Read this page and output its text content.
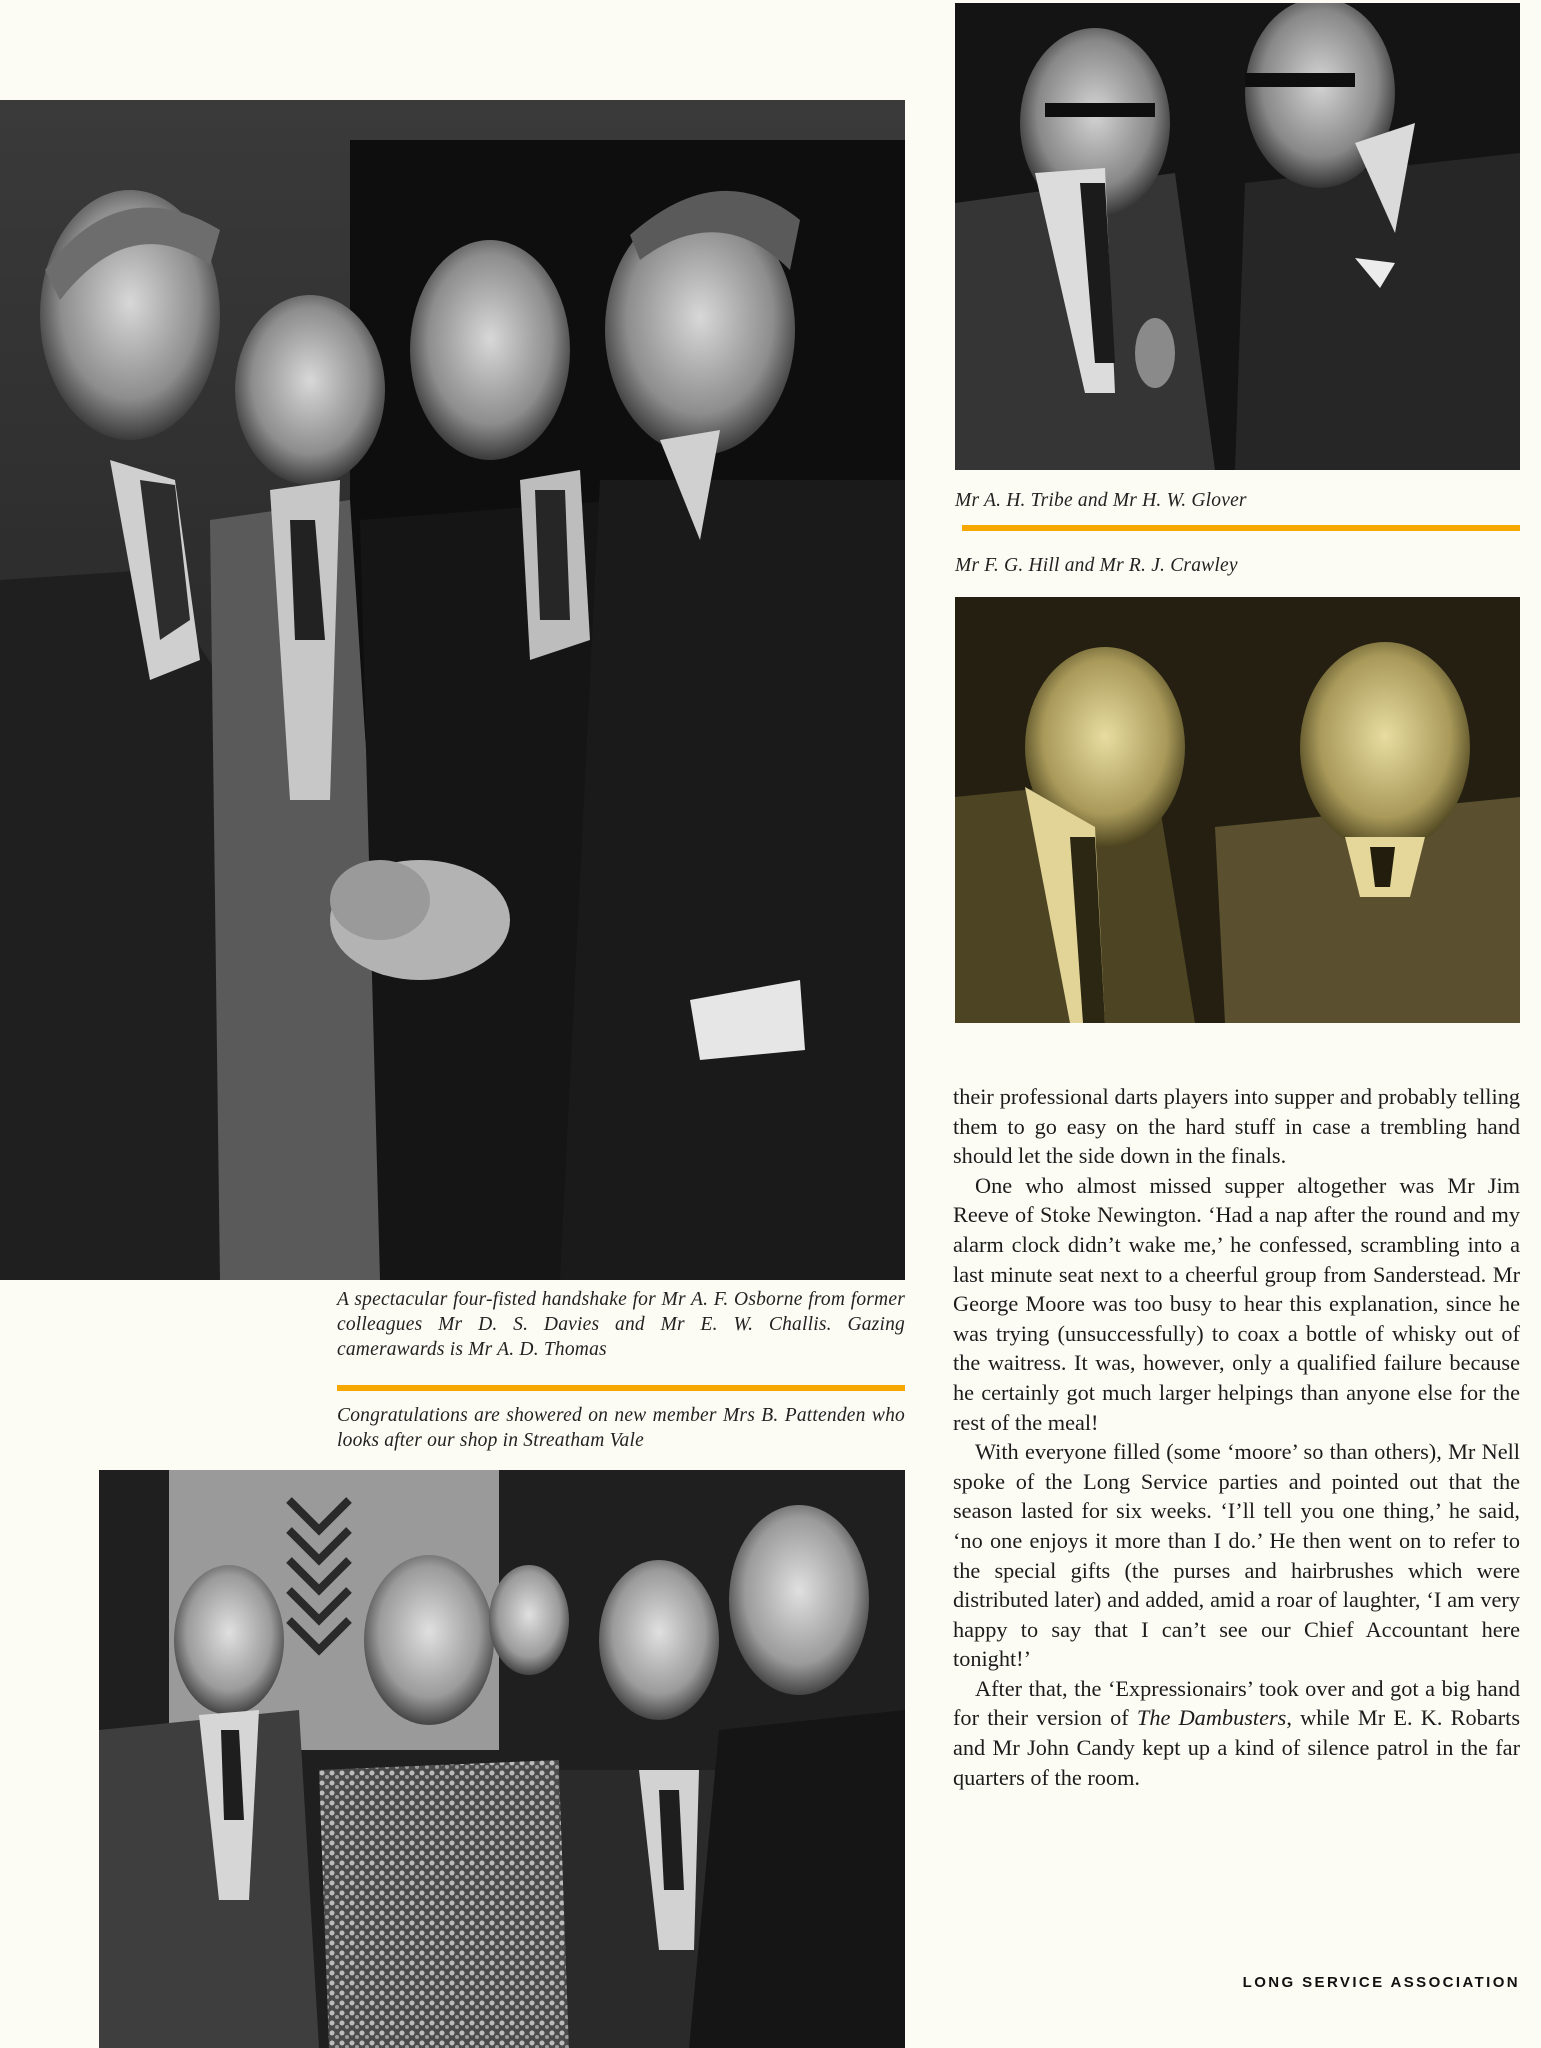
A spectacular four-fisted handshake for Mr A. F. Osborne from former colleagues Mr D. S. Davies and Mr E. W. Challis. Gazing camerawards is Mr A. D. Thomas
Congratulations are showered on new member Mrs B. Pattenden who looks after our shop in Streatham Vale
Mr A. H. Tribe and Mr H. W. Glover
Mr F. G. Hill and Mr R. J. Crawley

their professional darts players into supper and probably telling them to go easy on the hard stuff in case a trembling hand should let the side down in the finals.

One who almost missed supper altogether was Mr Jim Reeve of Stoke Newington. ‘Had a nap after the round and my alarm clock didn’t wake me,’ he confessed, scrambling into a last minute seat next to a cheerful group from Sanderstead. Mr George Moore was too busy to hear this explanation, since he was trying (unsuccessfully) to coax a bottle of whisky out of the waitress. It was, however, only a qualified failure because he certainly got much larger helpings than anyone else for the rest of the meal!

With everyone filled (some ‘moore’ so than others), Mr Nell spoke of the Long Service parties and pointed out that the season lasted for six weeks. ‘I’ll tell you one thing,’ he said, ‘no one enjoys it more than I do.’ He then went on to refer to the special gifts (the purses and hairbrushes which were distributed later) and added, amid a roar of laughter, ‘I am very happy to say that I can’t see our Chief Accountant here tonight!’

After that, the ‘Expressionairs’ took over and got a big hand for their version of The Dambusters, while Mr E. K. Robarts and Mr John Candy kept up a kind of silence patrol in the far quarters of the room.

LONG SERVICE ASSOCIATION
